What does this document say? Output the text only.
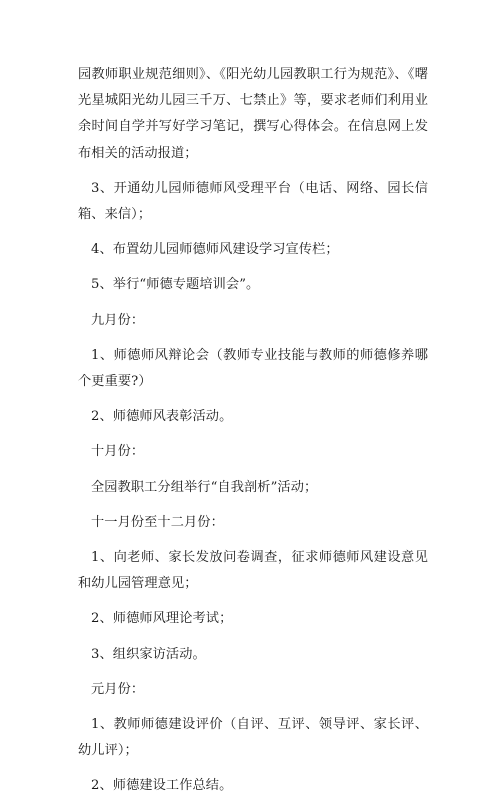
园教师职业规范细则》、《阳光幼儿园教职工行为规范》、《曙光星城阳光幼儿园三千万、七禁止》等，要求老师们利用业余时间自学并写好学习笔记，撰写心得体会。在信息网上发布相关的活动报道；

3、开通幼儿园师德师风受理平台（电话、网络、园长信箱、来信）；

4、布置幼儿园师德师风建设学习宣传栏；

5、举行“师德专题培训会”。

九月份：

1、师德师风辩论会（教师专业技能与教师的师德修养哪个更重要?）

2、师德师风表彰活动。

十月份：

全园教职工分组举行“自我剖析”活动；

十一月份至十二月份：

1、向老师、家长发放问卷调查，征求师德师风建设意见和幼儿园管理意见；

2、师德师风理论考试；

3、组织家访活动。

元月份：

1、教师师德建设评价（自评、互评、领导评、家长评、幼儿评）；

2、师德建设工作总结。
